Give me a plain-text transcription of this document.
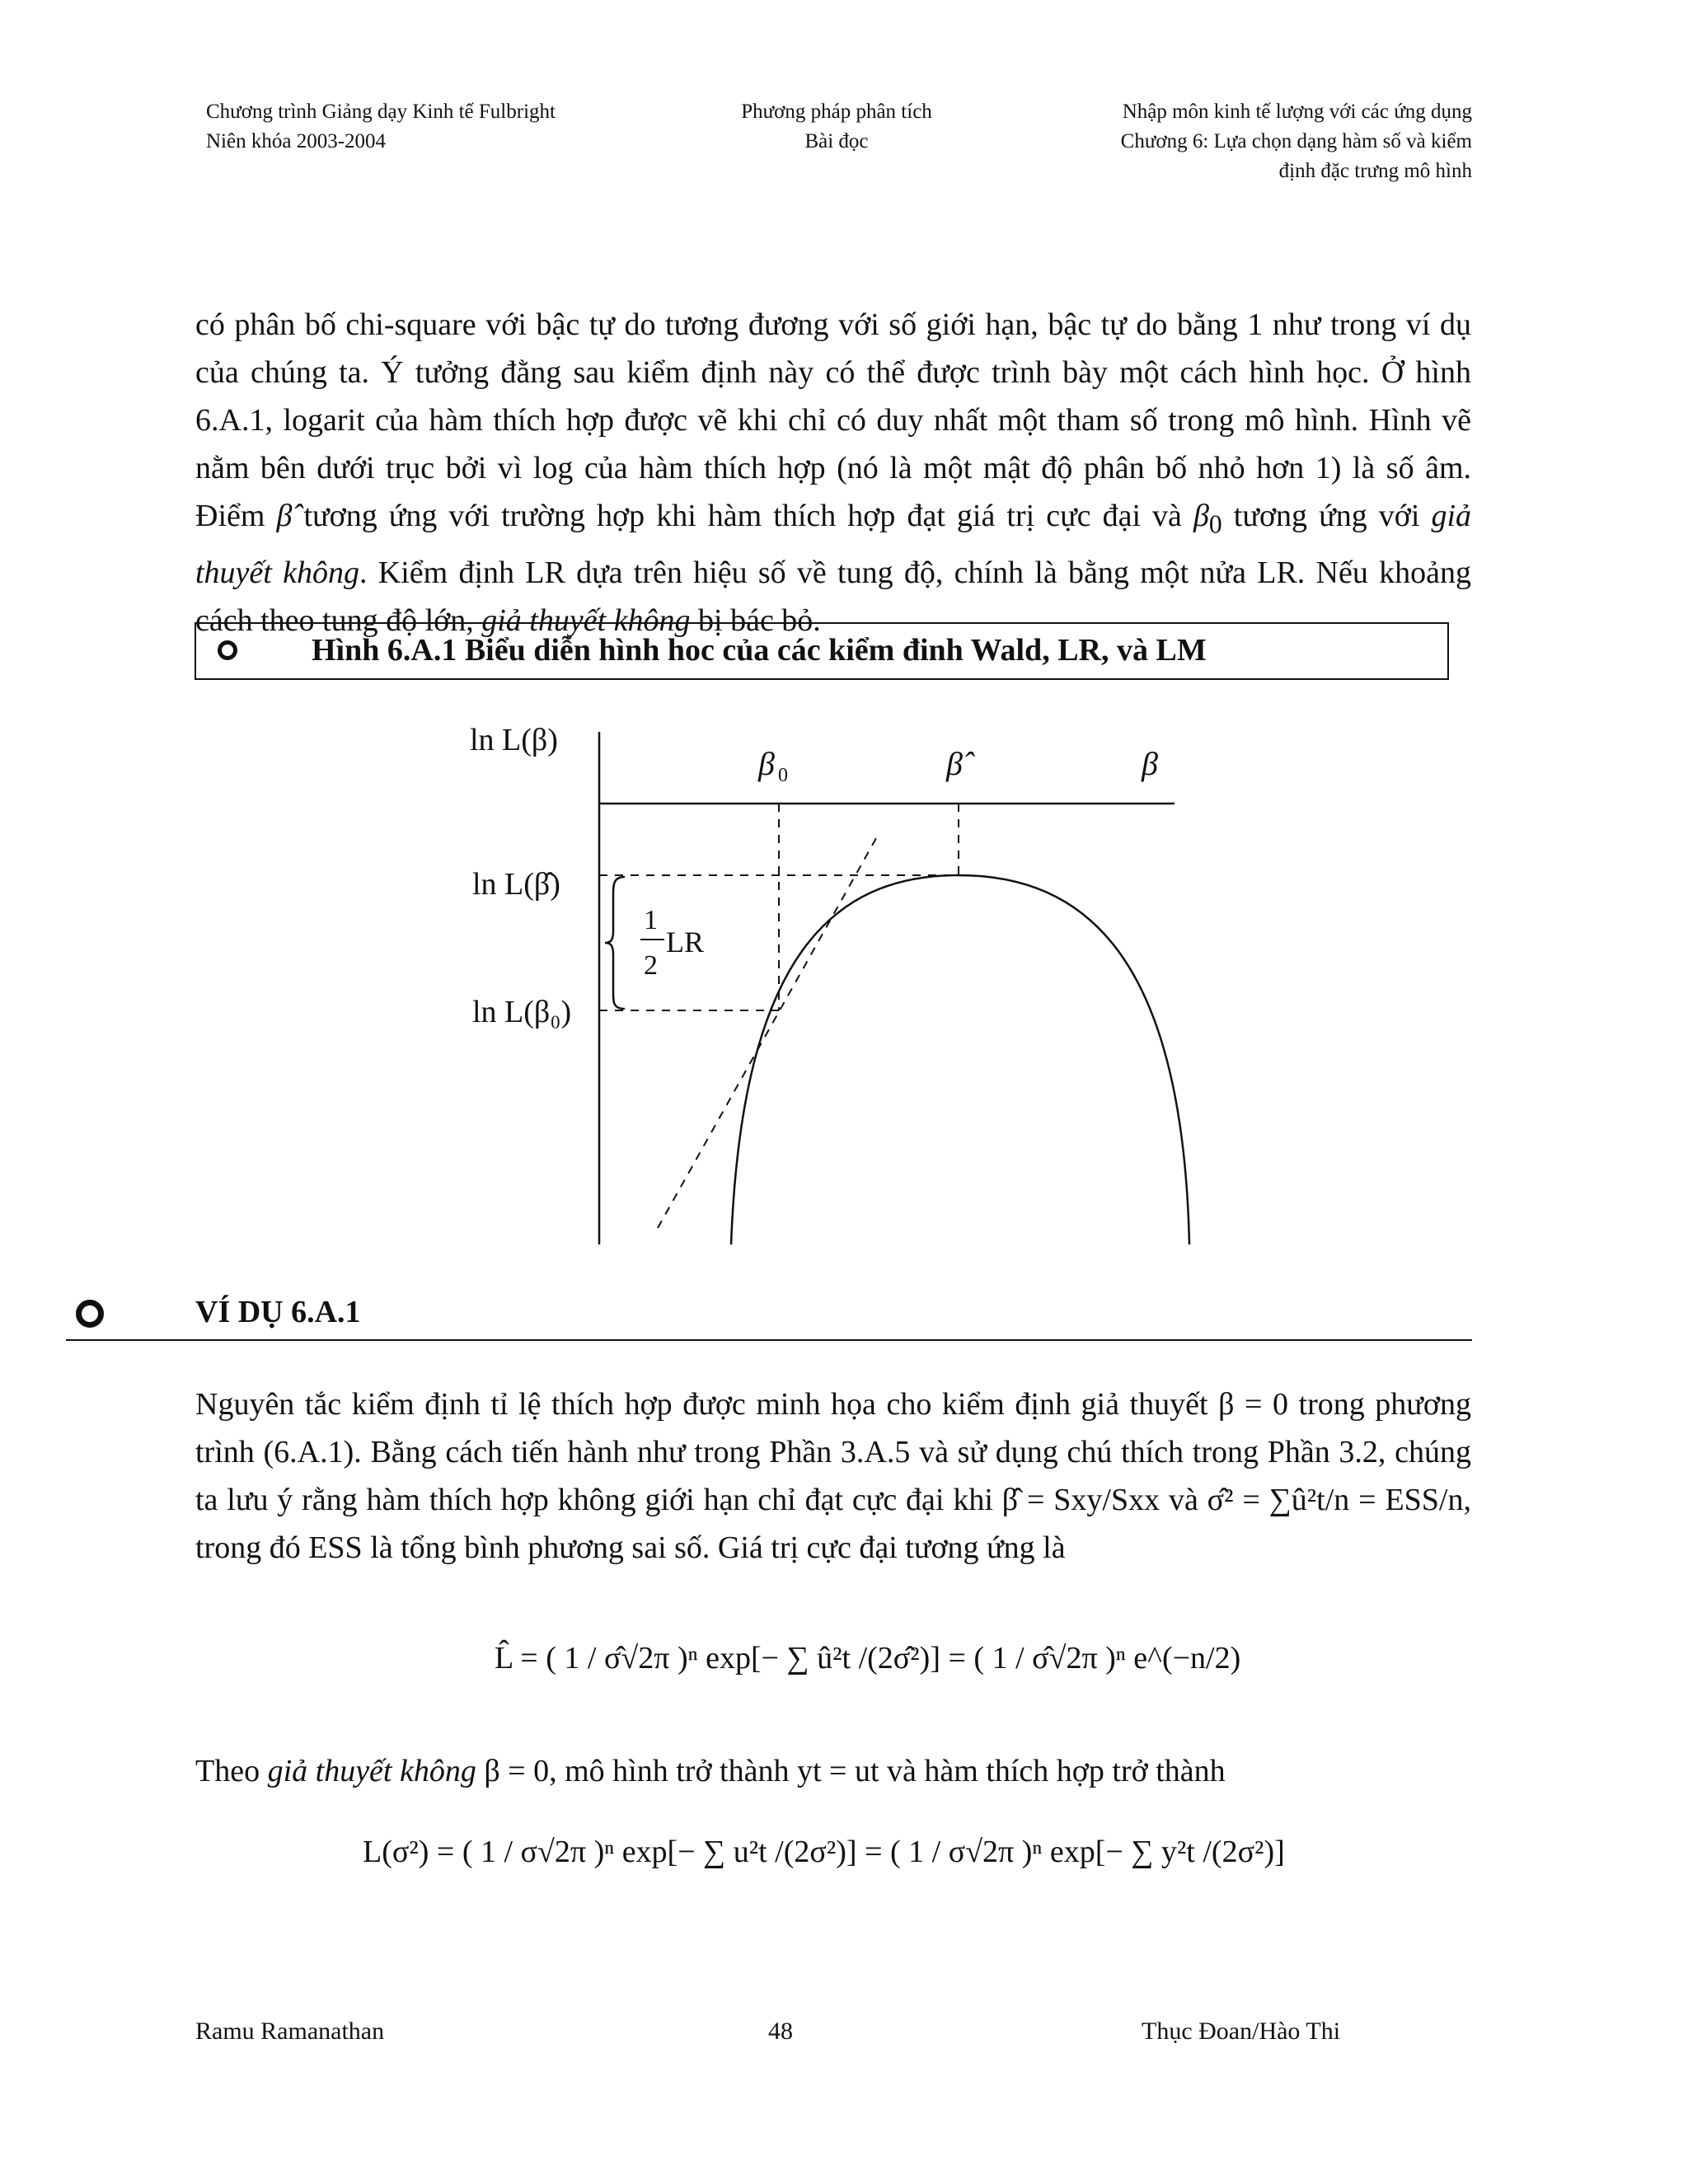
Chương trình Giảng dạy Kinh tế Fulbright
Niên khóa 2003-2004
Phương pháp phân tích
Bài đọc
Nhập môn kinh tế lượng với các ứng dụng
Chương 6: Lựa chọn dạng hàm số và kiểm
định đặc trưng mô hình
có phân bố chi-square với bậc tự do tương đương với số giới hạn, bậc tự do bằng 1 như trong ví dụ của chúng ta. Ý tưởng đằng sau kiểm định này có thể được trình bày một cách hình học. Ở hình 6.A.1, logarit của hàm thích hợp được vẽ khi chỉ có duy nhất một tham số trong mô hình. Hình vẽ nằm bên dưới trục bởi vì log của hàm thích hợp (nó là một mật độ phân bố nhỏ hơn 1) là số âm. Điểm β̂ tương ứng với trường hợp khi hàm thích hợp đạt giá trị cực đại và $\beta_0$ tương ứng với giả thuyết không. Kiểm định LR dựa trên hiệu số về tung độ, chính là bằng một nửa LR. Nếu khoảng cách theo tung độ lớn, giả thuyết không bị bác bỏ.
Hình 6.A.1 Biểu diễn hình hoc của các kiểm đinh Wald, LR, và LM
ln L(β)
β 0	β̂	β
ln L(β̂)
ln L(β₀)
1
2
LR
VÍ DỤ 6.A.1
Nguyên tắc kiểm định tỉ lệ thích hợp được minh họa cho kiểm định giả thuyết β = 0 trong phương trình (6.A.1). Bằng cách tiến hành như trong Phần 3.A.5 và sử dụng chú thích trong Phần 3.2, chúng ta lưu ý rằng hàm thích hợp không giới hạn chỉ đạt cực đại khi β̂ = Sxy/Sxx và σ̂² = ∑û²t/n = ESS/n, trong đó ESS là tổng bình phương sai số. Giá trị cực đại tương ứng là
L̂ = ( 1 / σ̂√2π )ⁿ exp[− ∑ û²t /(2σ̂²)] = ( 1 / σ̂√2π )ⁿ e^(−n/2)
Theo giả thuyết không β = 0, mô hình trở thành yt = ut và hàm thích hợp trở thành
L(σ²) = ( 1 / σ√2π )ⁿ exp[− ∑ u²t /(2σ²)] = ( 1 / σ√2π )ⁿ exp[− ∑ y²t /(2σ²)]
Ramu Ramanathan	48	Thục Đoan/Hào Thi
